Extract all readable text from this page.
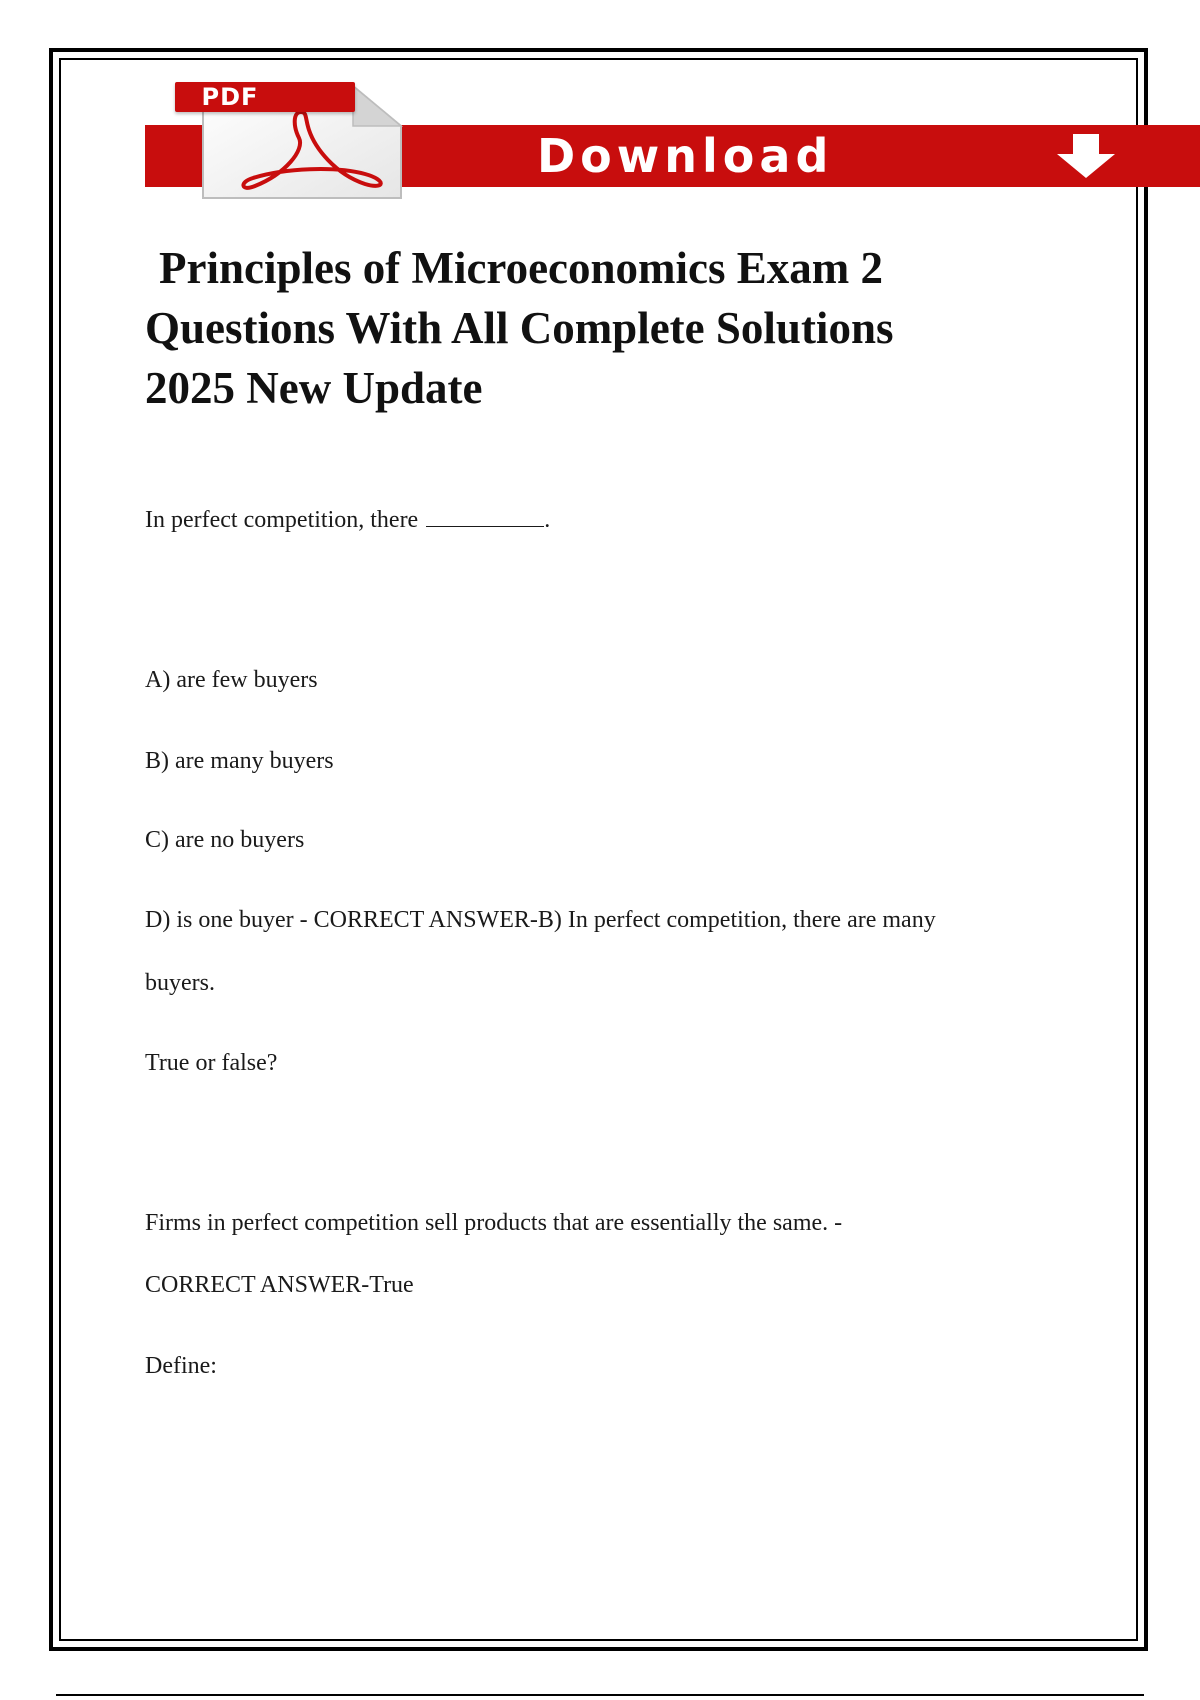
Download
PDF
Principles of Microeconomics Exam 2
Questions With All Complete Solutions
2025 New Update

In perfect competition, there	.

A) are few buyers

B) are many buyers

C) are no buyers

D) is one buyer - CORRECT ANSWER-B) In perfect competition, there are many

buyers.

True or false?

Firms in perfect competition sell products that are essentially the same. -

CORRECT ANSWER-True

Define:
